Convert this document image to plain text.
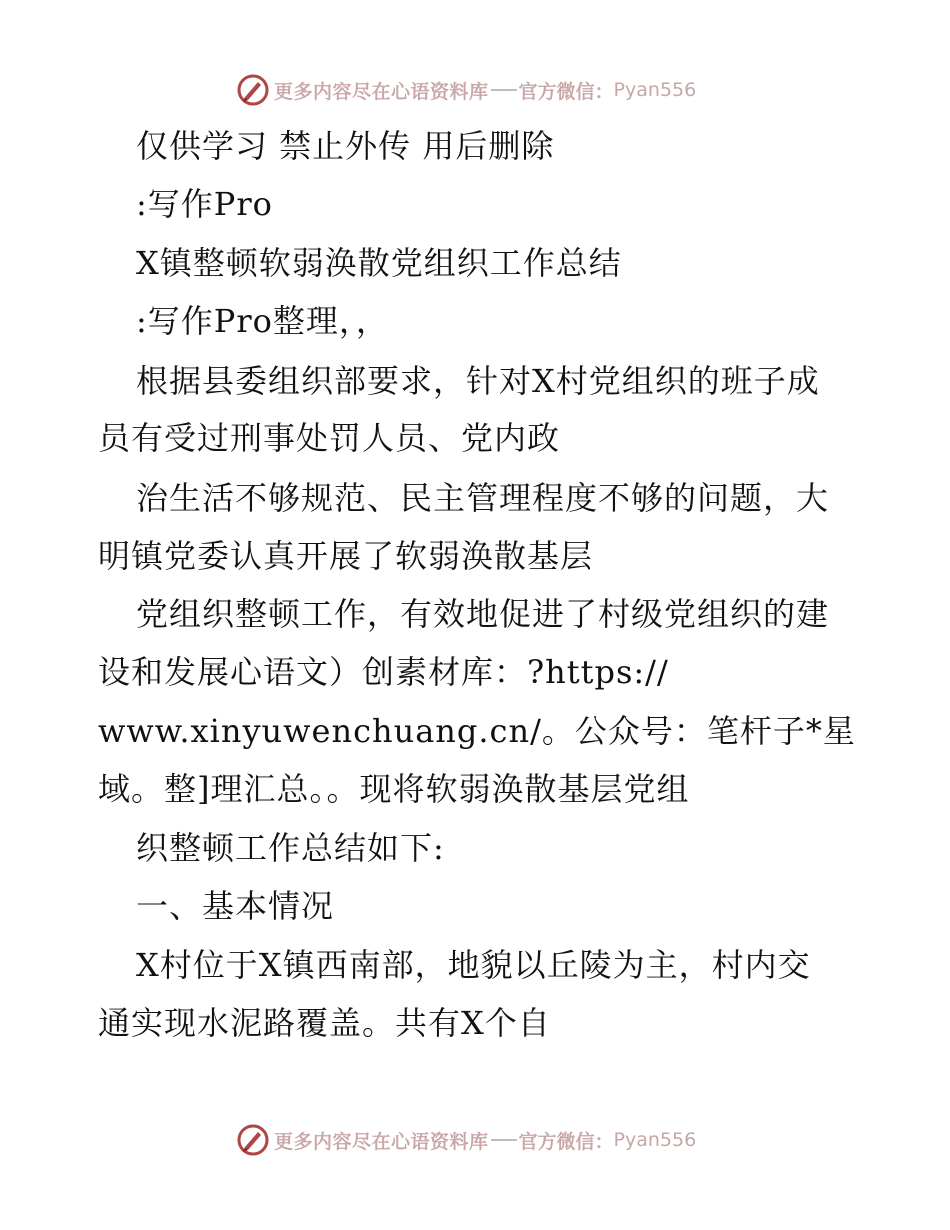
更多内容尽在心语资料库 官方微信： Pyan556
仅供学习 禁止外传 用后删除
:写作Pro
X镇整顿软弱涣散党组织工作总结
:写作Pro整理，，
根据县委组织部要求，针对X村党组织的班子成
员有受过刑事处罚人员、党内政
治生活不够规范、民主管理程度不够的问题，大
明镇党委认真开展了软弱涣散基层
党组织整顿工作，有效地促进了村级党组织的建
设和发展心语文）创素材库：?https://
www.xinyuwenchuang.cn/。公众号：笔杆子*星
域。整]理汇总。。现将软弱涣散基层党组
织整顿工作总结如下:
一、基本情况
X村位于X镇西南部，地貌以丘陵为主，村内交
通实现水泥路覆盖。共有X个自
更多内容尽在心语资料库 官方微信： Pyan556
